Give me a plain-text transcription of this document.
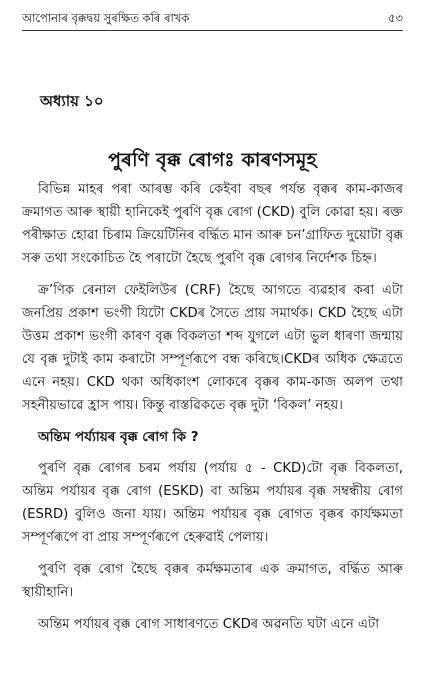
আপোনাৰ বৃক্কদ্বয় সুৰক্ষিত কৰি ৰাখক	৫৩
অধ্যায় ১০
পুৰণি বৃক্ক ৰোগঃ কাৰণসমূহ

বিভিন্ন মাহৰ পৰা আৰম্ভ কৰি কেইবা বছৰ পৰ্যন্ত বৃক্কৰ কাম-কাজৰ ক্ৰমাগত আৰু স্থায়ী হানিকেই পুৰণি বৃক্ক ৰোগ (CKD) বুলি কোৱা হয়। ৰক্ত পৰীক্ষাত হোৱা চিৰাম ক্ৰিয়েটিনিৰ বৰ্দ্ধিত মান আৰু চন’গ্ৰাফিত দুয়োটা বৃক্ক সৰু তথা সংকোচিত হৈ পৰাটো হৈছে পুৰণি বৃক্ক ৰোগৰ নিৰ্দেশক চিহ্ন।

ক্ৰ’ণিক ৰেনাল ফেইলিউৰ (CRF) হৈছে আগতে ব্যৱহাৰ কৰা এটা জনপ্ৰিয় প্ৰকাশ ভংগী যিটো CKDৰ সৈতে প্ৰায় সমাৰ্থক। CKD হৈছে এটা উত্তম প্ৰকাশ ভংগী কাৰণ বৃক্ক বিকলতা শব্দ যুগলে এটা ভুল ধাৰণা জন্মায় যে বৃক্ক দুটাই কাম কৰাটো সম্পূৰ্ণৰূপে বন্ধ কৰিছে।CKDৰ অধিক ক্ষেত্ৰতে এনে নহয়। CKD থকা অধিকাংশ লোকৰে বৃক্কৰ কাম-কাজ অলপ তথা সহনীয়ভাৱে হ্ৰাস পায়। কিন্তু বাস্তৱিকতে বৃক্ক দুটা ‘বিকল’ নহয়।

অন্তিম পৰ্য্যায়ৰ বৃক্ক ৰোগ কি ?

পুৰণি বৃক্ক ৰোগৰ চৰম পৰ্যায় (পৰ্যায় ৫ - CKD)টো বৃক্ক বিকলতা, অন্তিম পৰ্যায়ৰ বৃক্ক ৰোগ (ESKD) বা অন্তিম পৰ্যায়ৰ বৃক্ক সম্বন্ধীয় ৰোগ (ESRD) বুলিও জনা যায়। অন্তিম পৰ্যায়ৰ বৃক্ক ৰোগত বৃক্কৰ কাৰ্যক্ষমতা সম্পূৰ্ণৰূপে বা প্ৰায় সম্পূৰ্ণৰূপে হেৰুৱাই পেলায়।

পুৰণি বৃক্ক ৰোগ হৈছে বৃক্কৰ কৰ্মক্ষমতাৰ এক ক্ৰমাগত, বৰ্দ্ধিত আৰু স্থায়ীহানি।

অন্তিম পৰ্যায়ৰ বৃক্ক ৰোগ সাধাৰণতে CKDৰ অৱনতি ঘটা এনে এটা
